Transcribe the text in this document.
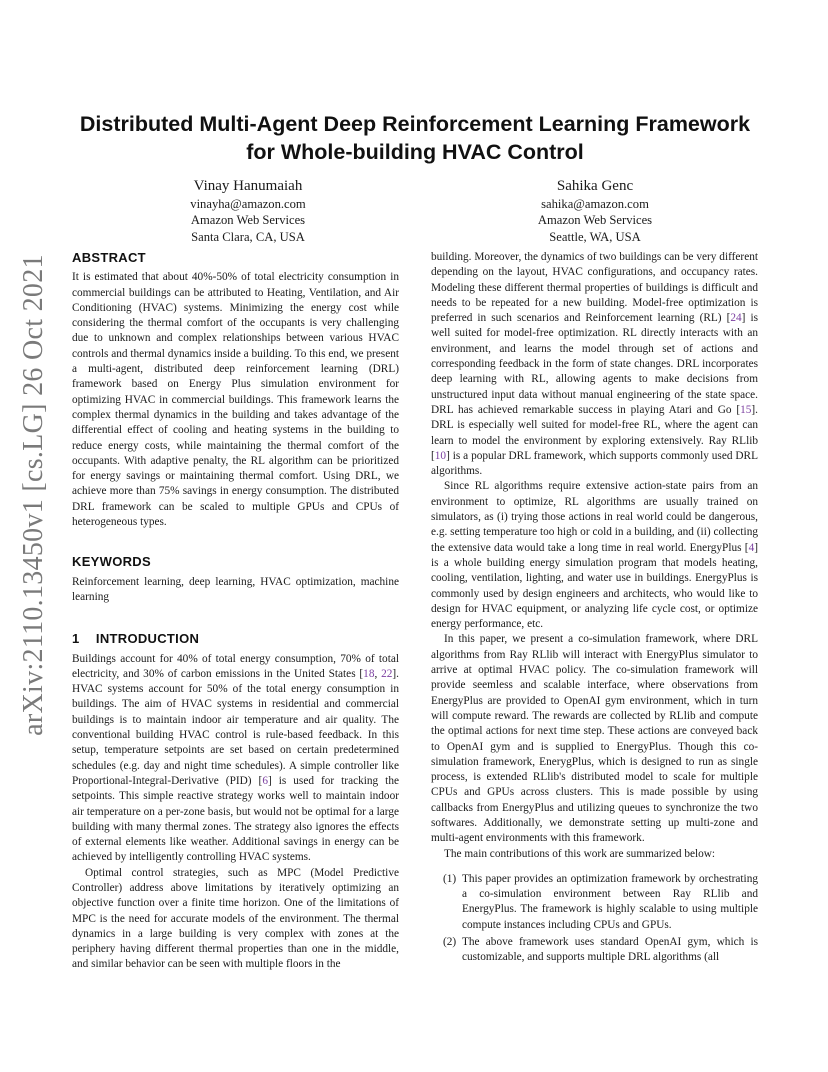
arXiv:2110.13450v1 [cs.LG] 26 Oct 2021
Distributed Multi-Agent Deep Reinforcement Learning Framework for Whole-building HVAC Control
Vinay Hanumaiah
vinayha@amazon.com
Amazon Web Services
Santa Clara, CA, USA
Sahika Genc
sahika@amazon.com
Amazon Web Services
Seattle, WA, USA
ABSTRACT

It is estimated that about 40%-50% of total electricity consumption in commercial buildings can be attributed to Heating, Ventilation, and Air Conditioning (HVAC) systems. Minimizing the energy cost while considering the thermal comfort of the occupants is very challenging due to unknown and complex relationships between various HVAC controls and thermal dynamics inside a building. To this end, we present a multi-agent, distributed deep reinforcement learning (DRL) framework based on Energy Plus simulation environment for optimizing HVAC in commercial buildings. This framework learns the complex thermal dynamics in the building and takes advantage of the differential effect of cooling and heating systems in the building to reduce energy costs, while maintaining the thermal comfort of the occupants. With adaptive penalty, the RL algorithm can be prioritized for energy savings or maintaining thermal comfort. Using DRL, we achieve more than 75% savings in energy consumption. The distributed DRL framework can be scaled to multiple GPUs and CPUs of heterogeneous types.

KEYWORDS

Reinforcement learning, deep learning, HVAC optimization, machine learning

1 INTRODUCTION

Buildings account for 40% of total energy consumption, 70% of total electricity, and 30% of carbon emissions in the United States [18, 22]. HVAC systems account for 50% of the total energy consumption in buildings. The aim of HVAC systems in residential and commercial buildings is to maintain indoor air temperature and air quality. The conventional building HVAC control is rule-based feedback. In this setup, temperature setpoints are set based on certain predetermined schedules (e.g. day and night time schedules). A simple controller like Proportional-Integral-Derivative (PID) [6] is used for tracking the setpoints. This simple reactive strategy works well to maintain indoor air temperature on a per-zone basis, but would not be optimal for a large building with many thermal zones. The strategy also ignores the effects of external elements like weather. Additional savings in energy can be achieved by intelligently controlling HVAC systems.

Optimal control strategies, such as MPC (Model Predictive Controller) address above limitations by iteratively optimizing an objective function over a finite time horizon. One of the limitations of MPC is the need for accurate models of the environment. The thermal dynamics in a large building is very complex with zones at the periphery having different thermal properties than one in the middle, and similar behavior can be seen with multiple floors in the

building. Moreover, the dynamics of two buildings can be very different depending on the layout, HVAC configurations, and occupancy rates. Modeling these different thermal properties of buildings is difficult and needs to be repeated for a new building. Model-free optimization is preferred in such scenarios and Reinforcement learning (RL) [24] is well suited for model-free optimization. RL directly interacts with an environment, and learns the model through set of actions and corresponding feedback in the form of state changes. DRL incorporates deep learning with RL, allowing agents to make decisions from unstructured input data without manual engineering of the state space. DRL has achieved remarkable success in playing Atari and Go [15]. DRL is especially well suited for model-free RL, where the agent can learn to model the environment by exploring extensively. Ray RLlib [10] is a popular DRL framework, which supports commonly used DRL algorithms.

Since RL algorithms require extensive action-state pairs from an environment to optimize, RL algorithms are usually trained on simulators, as (i) trying those actions in real world could be dangerous, e.g. setting temperature too high or cold in a building, and (ii) collecting the extensive data would take a long time in real world. EnergyPlus [4] is a whole building energy simulation program that models heating, cooling, ventilation, lighting, and water use in buildings. EnergyPlus is commonly used by design engineers and architects, who would like to design for HVAC equipment, or analyzing life cycle cost, or optimize energy performance, etc.

In this paper, we present a co-simulation framework, where DRL algorithms from Ray RLlib will interact with EnergyPlus simulator to arrive at optimal HVAC policy. The co-simulation framework will provide seemless and scalable interface, where observations from EnergyPlus are provided to OpenAI gym environment, which in turn will compute reward. The rewards are collected by RLlib and compute the optimal actions for next time step. These actions are conveyed back to OpenAI gym and is supplied to EnergyPlus. Though this co-simulation framework, EnerygPlus, which is designed to run as single process, is extended RLlib's distributed model to scale for multiple CPUs and GPUs across clusters. This is made possible by using callbacks from EnergyPlus and utilizing queues to synchronize the two softwares. Additionally, we demonstrate setting up multi-zone and multi-agent environments with this framework.

The main contributions of this work are summarized below:

(1) This paper provides an optimization framework by orchestrating a co-simulation environment between Ray RLlib and EnergyPlus. The framework is highly scalable to using multiple compute instances including CPUs and GPUs.
(2) The above framework uses standard OpenAI gym, which is customizable, and supports multiple DRL algorithms (all
